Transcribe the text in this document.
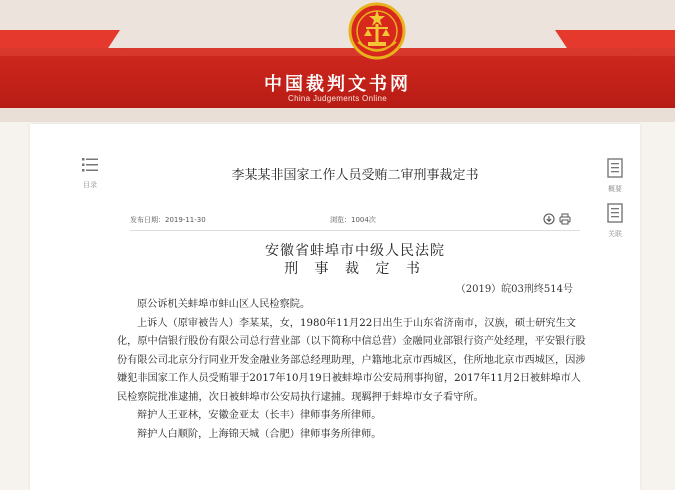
中国裁判文书网
China Judgements Online
目录	概要
关联
李某某非国家工作人员受贿二审刑事裁定书
发布日期：2019-11-30	浏览：1004次
安徽省蚌埠市中级人民法院
刑 事 裁 定 书
（2019）皖03刑终514号

原公诉机关蚌埠市蚌山区人民检察院。

上诉人（原审被告人）李某某，女，1980年11月22日出生于山东省济南市，汉族，硕士研究生文化，原中信银行股份有限公司总行营业部（以下简称中信总营）金融同业部银行资产处经理，平安银行股份有限公司北京分行同业开发金融业务部总经理助理，户籍地北京市西城区，住所地北京市西城区，因涉嫌犯非国家工作人员受贿罪于2017年10月19日被蚌埠市公安局刑事拘留，2017年11月2日被蚌埠市人民检察院批准逮捕，次日被蚌埠市公安局执行逮捕。现羁押于蚌埠市女子看守所。

辩护人王亚林，安徽金亚太（长丰）律师事务所律师。

辩护人白顺阶，上海锦天城（合肥）律师事务所律师。
